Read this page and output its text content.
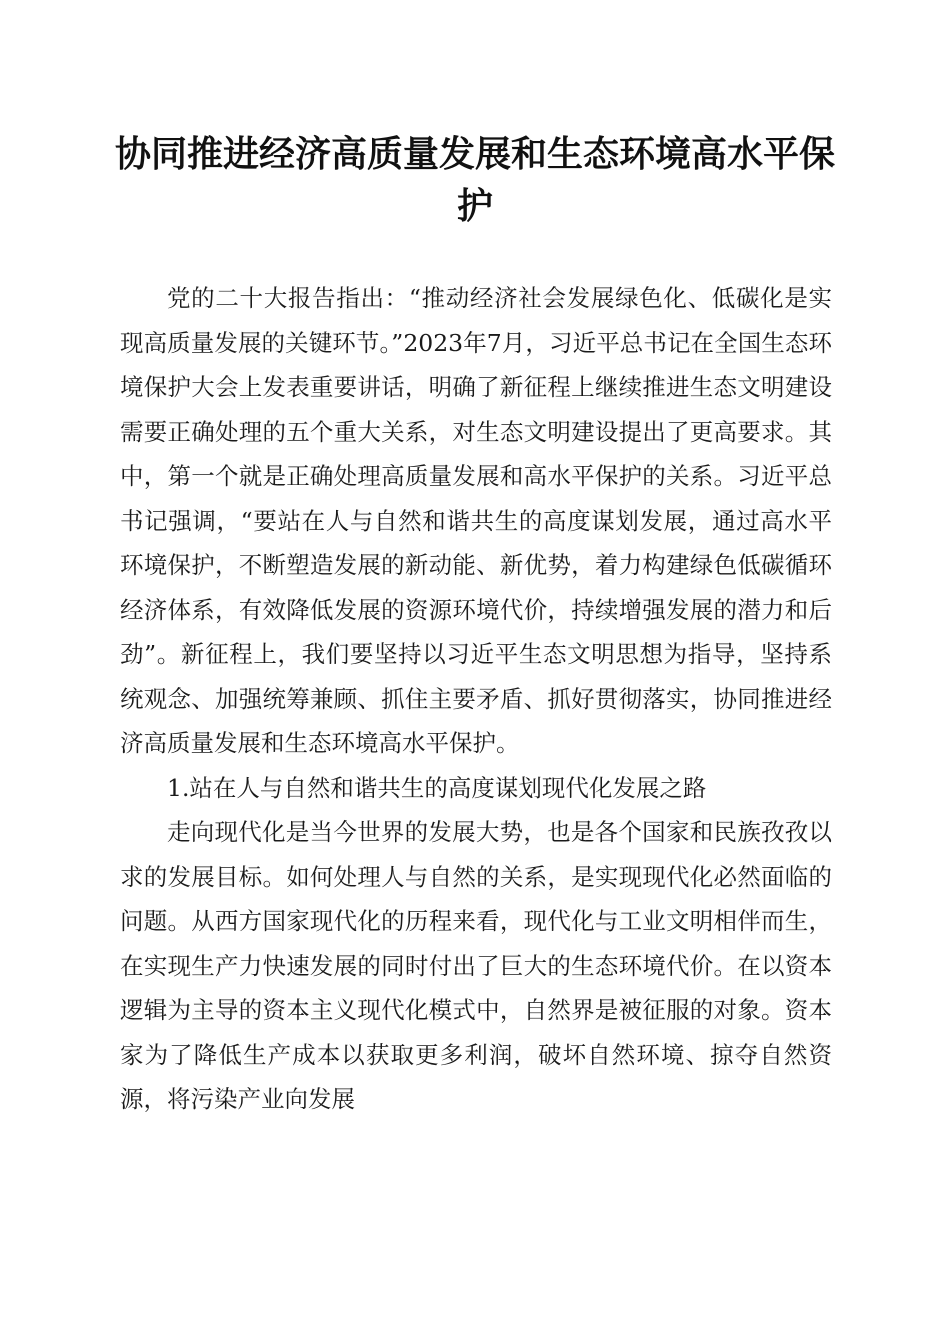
协同推进经济高质量发展和生态环境高水平保护

党的二十大报告指出：“推动经济社会发展绿色化、低碳化是实现高质量发展的关键环节。”2023年7月，习近平总书记在全国生态环境保护大会上发表重要讲话，明确了新征程上继续推进生态文明建设需要正确处理的五个重大关系，对生态文明建设提出了更高要求。其中，第一个就是正确处理高质量发展和高水平保护的关系。习近平总书记强调，“要站在人与自然和谐共生的高度谋划发展，通过高水平环境保护，不断塑造发展的新动能、新优势，着力构建绿色低碳循环经济体系，有效降低发展的资源环境代价，持续增强发展的潜力和后劲”。新征程上，我们要坚持以习近平生态文明思想为指导，坚持系统观念、加强统筹兼顾、抓住主要矛盾、抓好贯彻落实，协同推进经济高质量发展和生态环境高水平保护。

1.站在人与自然和谐共生的高度谋划现代化发展之路

走向现代化是当今世界的发展大势，也是各个国家和民族孜孜以求的发展目标。如何处理人与自然的关系，是实现现代化必然面临的问题。从西方国家现代化的历程来看，现代化与工业文明相伴而生，在实现生产力快速发展的同时付出了巨大的生态环境代价。在以资本逻辑为主导的资本主义现代化模式中，自然界是被征服的对象。资本家为了降低生产成本以获取更多利润，破坏自然环境、掠夺自然资源，将污染产业向发展
